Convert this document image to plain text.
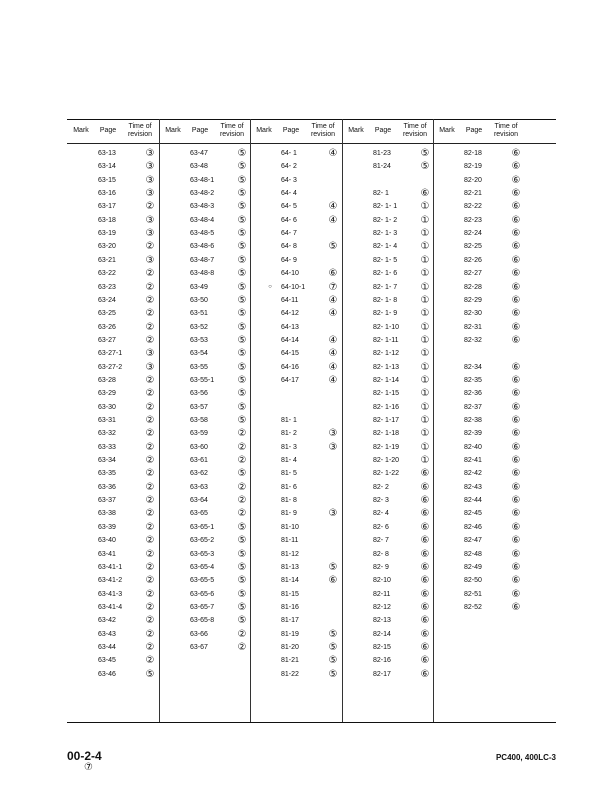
Mark	Page
Time of
revision
Mark	Page
Time of
revision
Mark	Page
Time of
revision
Mark	Page
Time of
revision
Mark	Page
Time of
revision
63-13	③
63-14	③
63-15	③
63-16	③
63-17	②
63-18	③
63-19	③
63-20	②
63-21	③
63-22	②
63-23	②
63-24	②
63-25	②
63-26	②
63-27	②
63-27-1	③
63-27-2	③
63-28	②
63-29	②
63-30	②
63-31	②
63-32	②
63-33	②
63-34	②
63-35	②
63-36	②
63-37	②
63-38	②
63-39	②
63-40	②
63-41	②
63-41-1	②
63-41-2	②
63-41-3	②
63-41-4	②
63-42	②
63-43	②
63-44	②
63-45	②
63-46	⑤
63-47	⑤
63-48	⑤
63-48-1	⑤
63-48-2	⑤
63-48-3	⑤
63-48-4	⑤
63-48-5	⑤
63-48-6	⑤
63-48-7	⑤
63-48-8	⑤
63-49	⑤
63-50	⑤
63-51	⑤
63-52	⑤
63-53	⑤
63-54	⑤
63-55	⑤
63-55-1	⑤
63-56	⑤
63-57	⑤
63-58	⑤
63-59	②
63-60	②
63-61	②
63-62	⑤
63-63	②
63-64	②
63-65	②
63-65-1	⑤
63-65-2	⑤
63-65-3	⑤
63-65-4	⑤
63-65-5	⑤
63-65-6	⑤
63-65-7	⑤
63-65-8	⑤
63-66	②
63-67	②
64- 1	④
64- 2
64- 3
64- 4
64- 5	④
64- 6	④
64- 7
64- 8	⑤
64- 9
64-10	⑥
○ 64-10-1	⑦
64-11	④
64-12	④
64-13
64-14	④
64-15	④
64-16	④
64-17	④
81- 1
81- 2	③
81- 3	③
81- 4
81- 5
81- 6
81- 8
81- 9	③
81-10
81-11
81-12
81-13	⑤
81-14	⑥
81-15
81-16
81-17
81-19	⑤
81-20	⑤
81-21	⑤
81-22	⑤
81-23	⑤
81-24	⑤
82- 1	⑥
82- 1- 1	①
82- 1- 2	①
82- 1- 3	①
82- 1- 4	①
82- 1- 5	①
82- 1- 6	①
82- 1- 7	①
82- 1- 8	①
82- 1- 9	①
82- 1-10	①
82- 1-11	①
82- 1-12	①
82- 1-13	①
82- 1-14	①
82- 1-15	①
82- 1-16	①
82- 1-17	①
82- 1-18	①
82- 1-19	①
82- 1-20	①
82- 1-22	⑥
82- 2	⑥
82- 3	⑥
82- 4	⑥
82- 6	⑥
82- 7	⑥
82- 8	⑥
82- 9	⑥
82-10	⑥
82-11	⑥
82-12	⑥
82-13	⑥
82-14	⑥
82-15	⑥
82-16	⑥
82-17	⑥
82-18	⑥
82-19	⑥
82-20	⑥
82-21	⑥
82-22	⑥
82-23	⑥
82-24	⑥
82-25	⑥
82-26	⑥
82-27	⑥
82-28	⑥
82-29	⑥
82-30	⑥
82-31	⑥
82-32	⑥
82-34	⑥
82-35	⑥
82-36	⑥
82-37	⑥
82-38	⑥
82-39	⑥
82-40	⑥
82-41	⑥
82-42	⑥
82-43	⑥
82-44	⑥
82-45	⑥
82-46	⑥
82-47	⑥
82-48	⑥
82-49	⑥
82-50	⑥
82-51	⑥
82-52	⑥
00-2-4
⑦
PC400, 400LC-3
